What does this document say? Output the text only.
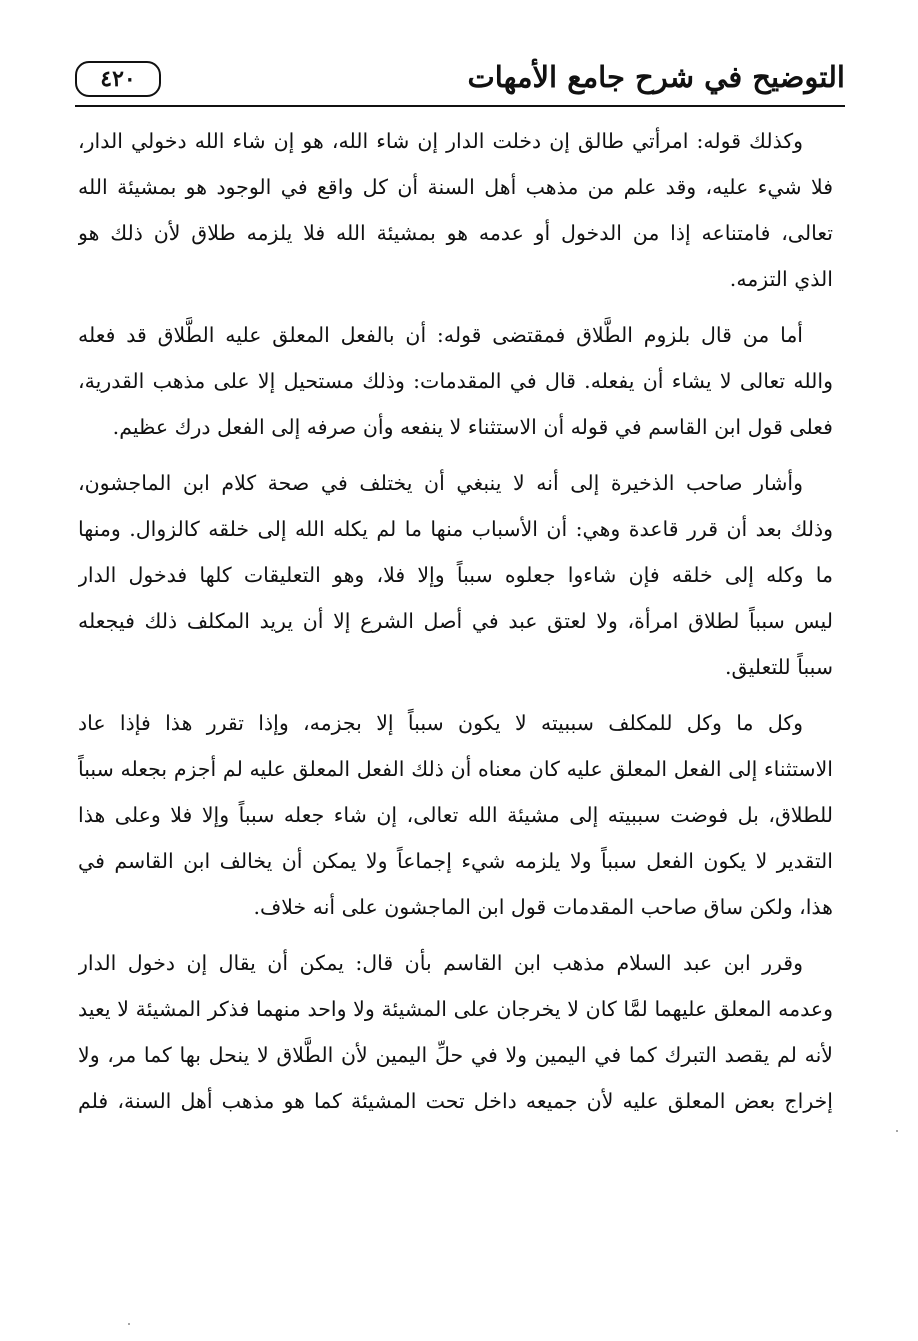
التوضيح في شرح جامع الأمهات
٤٢٠
وكذلك قوله: امرأتي طالق إن دخلت الدار إن شاء الله، هو إن شاء الله دخولي الدار،
فلا شيء عليه، وقد علم من مذهب أهل السنة أن كل واقع في الوجود هو بمشيئة الله
تعالى، فامتناعه إذا من الدخول أو عدمه هو بمشيئة الله فلا يلزمه طلاق لأن ذلك هو
الذي التزمه.
أما من قال بلزوم الطَّلاق فمقتضى قوله: أن بالفعل المعلق عليه الطَّلاق قد فعله
والله تعالى لا يشاء أن يفعله. قال في المقدمات: وذلك مستحيل إلا على مذهب القدرية،
فعلى قول ابن القاسم في قوله أن الاستثناء لا ينفعه وأن صرفه إلى الفعل درك عظيم.
وأشار صاحب الذخيرة إلى أنه لا ينبغي أن يختلف في صحة كلام ابن الماجشون،
وذلك بعد أن قرر قاعدة وهي: أن الأسباب منها ما لم يكله الله إلى خلقه كالزوال. ومنها
ما وكله إلى خلقه فإن شاءوا جعلوه سبباً وإلا فلا، وهو التعليقات كلها فدخول الدار
ليس سبباً لطلاق امرأة، ولا لعتق عبد في أصل الشرع إلا أن يريد المكلف ذلك فيجعله
سبباً للتعليق.
وكل ما وكل للمكلف سببيته لا يكون سبباً إلا بجزمه، وإذا تقرر هذا فإذا عاد
الاستثناء إلى الفعل المعلق عليه كان معناه أن ذلك الفعل المعلق عليه لم أجزم بجعله سبباً
للطلاق، بل فوضت سببيته إلى مشيئة الله تعالى، إن شاء جعله سبباً وإلا فلا وعلى هذا
التقدير لا يكون الفعل سبباً ولا يلزمه شيء إجماعاً ولا يمكن أن يخالف ابن القاسم في
هذا، ولكن ساق صاحب المقدمات قول ابن الماجشون على أنه خلاف.
وقرر ابن عبد السلام مذهب ابن القاسم بأن قال: يمكن أن يقال إن دخول الدار
وعدمه المعلق عليهما لمَّا كان لا يخرجان على المشيئة ولا واحد منهما فذكر المشيئة لا يعيد
لأنه لم يقصد التبرك كما في اليمين ولا في حلِّ اليمين لأن الطَّلاق لا ينحل بها كما مر، ولا
إخراج بعض المعلق عليه لأن جميعه داخل تحت المشيئة كما هو مذهب أهل السنة، فلم
